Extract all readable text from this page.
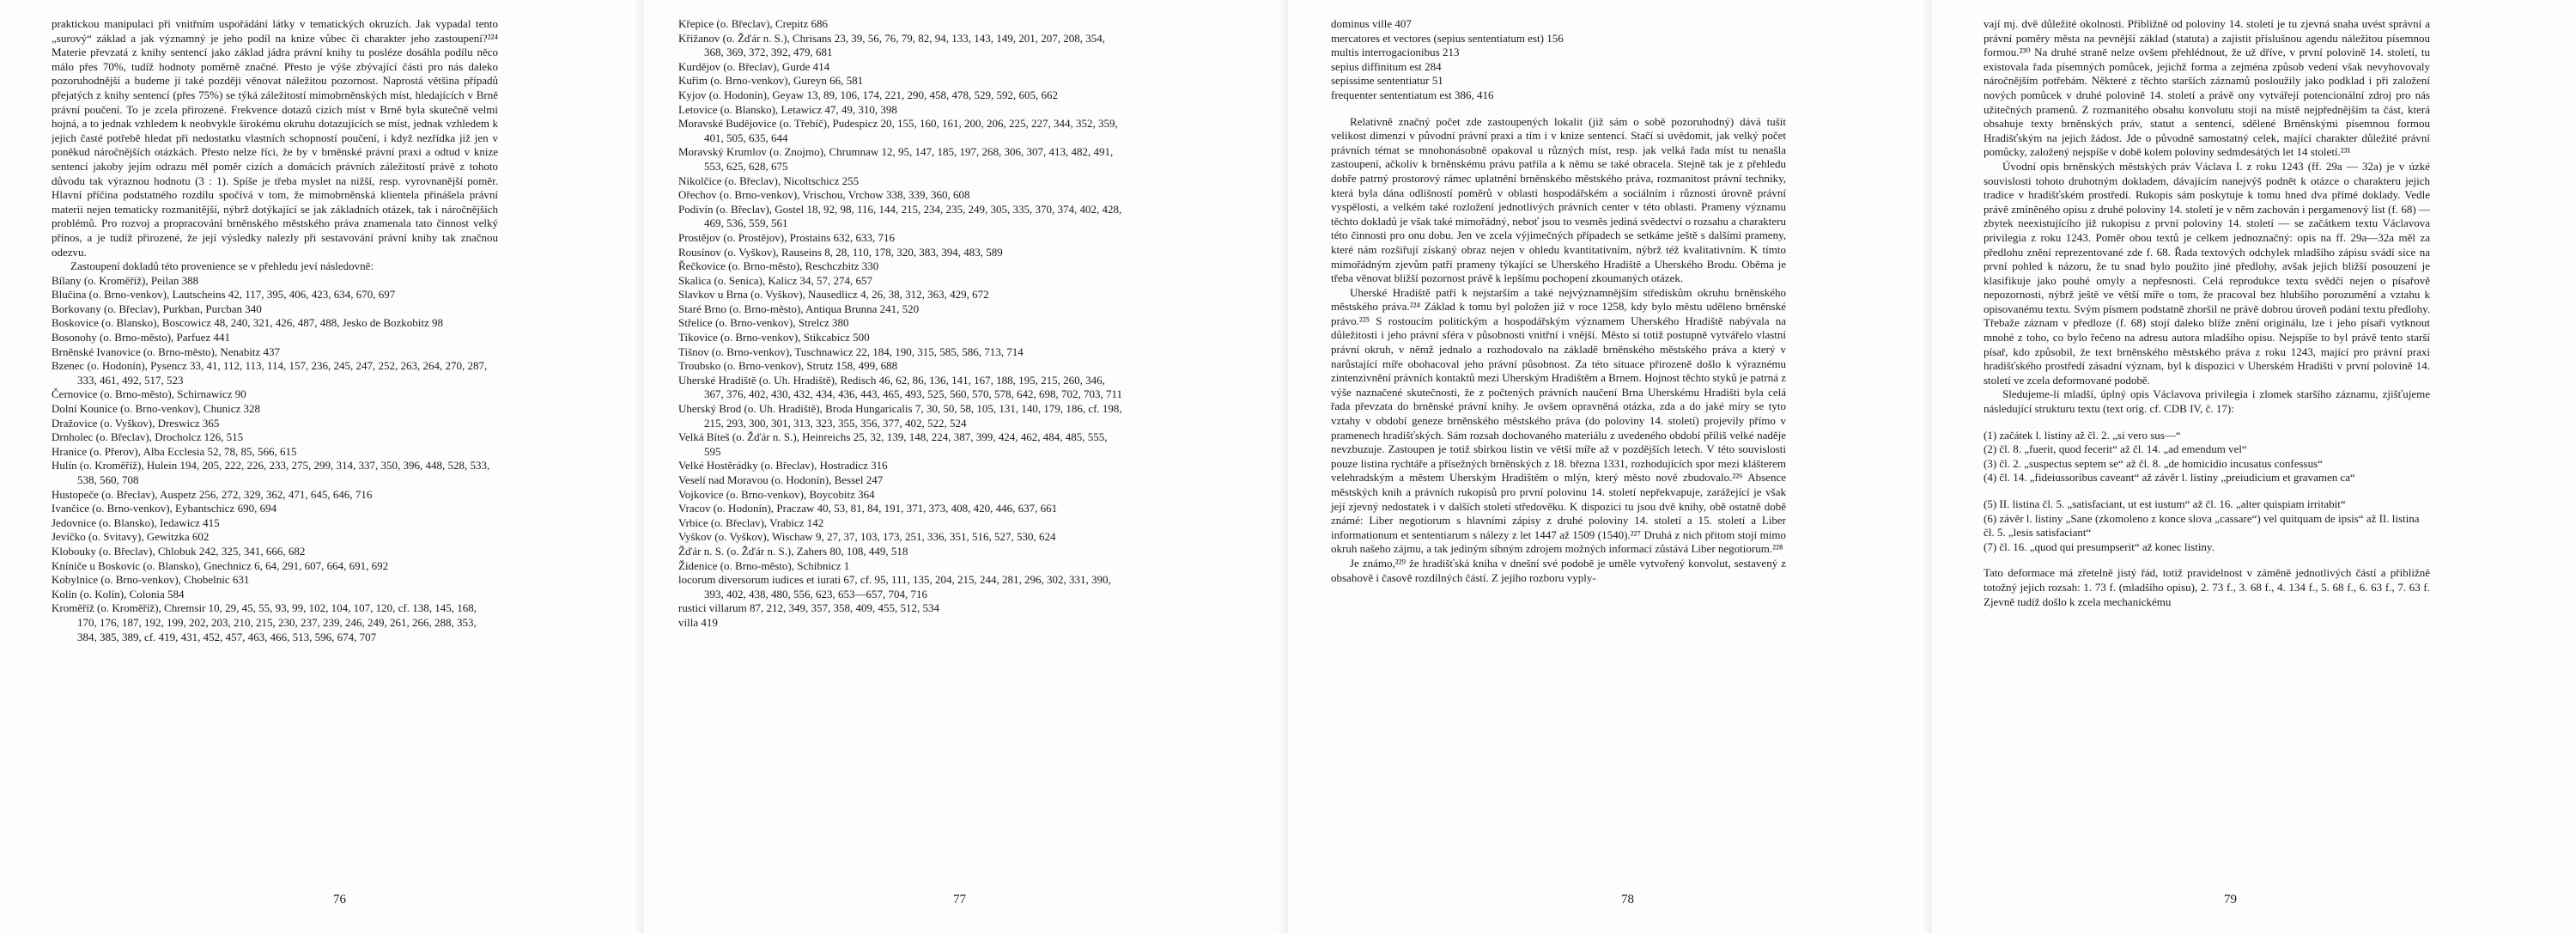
praktickou manipulaci při vnitřním uspořádání látky v tematických okruzích. Jak vypadal tento „surový“ základ a jak významný je jeho podíl na knize vůbec či charakter jeho zastoupení?²²⁴ Materie převzatá z knihy sentencí jako základ jádra právní knihy tu posléze dosáhla podílu něco málo přes 70%, tudíž hodnoty poměrně značné. Přesto je výše zbývající části pro nás daleko pozoruhodnější a budeme jí také později věnovat náležitou pozornost. Naprostá většina případů přejatých z knihy sentencí (přes 75%) se týká záležitostí mimobrněnských míst, hledajících v Brně právní poučení. To je zcela přirozené. Frekvence dotazů cizích míst v Brně byla skutečně velmi hojná, a to jednak vzhledem k neobvykle širokému okruhu dotazujících se míst, jednak vzhledem k jejich časté potřebě hledat při nedostatku vlastních schopností poučení, i když nezřídka již jen v poněkud náročnějších otázkách. Přesto nelze říci, že by v brněnské právní praxi a odtud v knize sentencí jakoby jejím odrazu měl poměr cizích a domácích právních záležitostí právě z tohoto důvodu tak výraznou hodnotu (3 : 1). Spíše je třeba myslet na nižší, resp. vyrovnanější poměr. Hlavní příčina podstatného rozdílu spočívá v tom, že mimobrněnská klientela přinášela právní materii nejen tematicky rozmanitější, nýbrž dotýkající se jak základních otázek, tak i náročnějších problémů. Pro rozvoj a propracování brněnského městského práva znamenala tato činnost velký přínos, a je tudíž přirozené, že její výsledky nalezly při sestavování právní knihy tak značnou odezvu.

Zastoupení dokladů této provenience se v přehledu jeví následovně:

Bílany (o. Kroměříž), Peilan 388

Blučina (o. Brno-venkov), Lautscheins 42, 117, 395, 406, 423, 634, 670, 697

Borkovany (o. Břeclav), Purkban, Purcban 340

Boskovice (o. Blansko), Boscowicz 48, 240, 321, 426, 487, 488, Jesko de Bozkobitz 98

Bosonohy (o. Brno-město), Parfuez 441

Brněnské Ivanovice (o. Brno-město), Nenabitz 437

Bzenec (o. Hodonín), Pysencz 33, 41, 112, 113, 114, 157, 236, 245, 247, 252, 263, 264, 270, 287, 333, 461, 492, 517, 523

Černovice (o. Brno-město), Schirnawicz 90

Dolní Kounice (o. Brno-venkov), Chunicz 328

Dražovice (o. Vyškov), Dreswicz 365

Drnholec (o. Břeclav), Drocholcz 126, 515

Hranice (o. Přerov), Alba Ecclesia 52, 78, 85, 566, 615

Hulín (o. Kroměříž), Hulein 194, 205, 222, 226, 233, 275, 299, 314, 337, 350, 396, 448, 528, 533, 538, 560, 708

Hustopeče (o. Břeclav), Auspetz 256, 272, 329, 362, 471, 645, 646, 716

Ivančice (o. Brno-venkov), Eybantschicz 690, 694

Jedovnice (o. Blansko), Iedawicz 415

Jevíčko (o. Svitavy), Gewitzka 602

Klobouky (o. Břeclav), Chlobuk 242, 325, 341, 666, 682

Kníniče u Boskovic (o. Blansko), Gnechnicz 6, 64, 291, 607, 664, 691, 692

Kobylnice (o. Brno-venkov), Chobelnic 631

Kolín (o. Kolín), Colonia 584

Kroměříž (o. Kroměříž), Chremsir 10, 29, 45, 55, 93, 99, 102, 104, 107, 120, cf. 138, 145, 168, 170, 176, 187, 192, 199, 202, 203, 210, 215, 230, 237, 239, 246, 249, 261, 266, 288, 353, 384, 385, 389, cf. 419, 431, 452, 457, 463, 466, 513, 596, 674, 707

76

Křepice (o. Břeclav), Crepitz 686

Křižanov (o. Žďár n. S.), Chrisans 23, 39, 56, 76, 79, 82, 94, 133, 143, 149, 201, 207, 208, 354, 368, 369, 372, 392, 479, 681

Kurdějov (o. Břeclav), Gurde 414

Kuřim (o. Brno-venkov), Gureyn 66, 581

Kyjov (o. Hodonín), Geyaw 13, 89, 106, 174, 221, 290, 458, 478, 529, 592, 605, 662

Letovice (o. Blansko), Letawicz 47, 49, 310, 398

Moravské Budějovice (o. Třebíč), Pudespicz 20, 155, 160, 161, 200, 206, 225, 227, 344, 352, 359, 401, 505, 635, 644

Moravský Krumlov (o. Znojmo), Chrumnaw 12, 95, 147, 185, 197, 268, 306, 307, 413, 482, 491, 553, 625, 628, 675

Nikolčice (o. Břeclav), Nicoltschicz 255

Ořechov (o. Brno-venkov), Vrischou, Vrchow 338, 339, 360, 608

Podivín (o. Břeclav), Gostel 18, 92, 98, 116, 144, 215, 234, 235, 249, 305, 335, 370, 374, 402, 428, 469, 536, 559, 561

Prostějov (o. Prostějov), Prostains 632, 633, 716

Rousínov (o. Vyškov), Rauseins 8, 28, 110, 178, 320, 383, 394, 483, 589

Řečkovice (o. Brno-město), Reschczbitz 330

Skalica (o. Senica), Kalicz 34, 57, 274, 657

Slavkov u Brna (o. Vyškov), Nausedlicz 4, 26, 38, 312, 363, 429, 672

Staré Brno (o. Brno-město), Antiqua Brunna 241, 520

Střelice (o. Brno-venkov), Strelcz 380

Tikovice (o. Brno-venkov), Stikcabicz 500

Tišnov (o. Brno-venkov), Tuschnawicz 22, 184, 190, 315, 585, 586, 713, 714

Troubsko (o. Brno-venkov), Strutz 158, 499, 688

Uherské Hradiště (o. Uh. Hradiště), Redisch 46, 62, 86, 136, 141, 167, 188, 195, 215, 260, 346, 367, 376, 402, 430, 432, 434, 436, 443, 465, 493, 525, 560, 570, 578, 642, 698, 702, 703, 711

Uherský Brod (o. Uh. Hradiště), Broda Hungaricalis 7, 30, 50, 58, 105, 131, 140, 179, 186, cf. 198, 215, 293, 300, 301, 313, 323, 355, 356, 377, 402, 522, 524

Velká Bíteš (o. Žďár n. S.), Heinreichs 25, 32, 139, 148, 224, 387, 399, 424, 462, 484, 485, 555, 595

Velké Hostěrádky (o. Břeclav), Hostradicz 316

Veselí nad Moravou (o. Hodonín), Bessel 247

Vojkovice (o. Brno-venkov), Boycobitz 364

Vracov (o. Hodonín), Praczaw 40, 53, 81, 84, 191, 371, 373, 408, 420, 446, 637, 661

Vrbice (o. Břeclav), Vrabicz 142

Vyškov (o. Vyškov), Wischaw 9, 27, 37, 103, 173, 251, 336, 351, 516, 527, 530, 624

Žďár n. S. (o. Žďár n. S.), Zahers 80, 108, 449, 518

Židenice (o. Brno-město), Schibnicz 1

locorum diversorum iudices et iurati 67, cf. 95, 111, 135, 204, 215, 244, 281, 296, 302, 331, 390, 393, 402, 438, 480, 556, 623, 653—657, 704, 716

rustici villarum 87, 212, 349, 357, 358, 409, 455, 512, 534

villa 419

77

dominus ville 407

mercatores et vectores (sepius sententiatum est) 156

multis interrogacionibus 213

sepius diffinitum est 284

sepissime sententiatur 51

frequenter sententiatum est 386, 416

Relativně značný počet zde zastoupených lokalit (již sám o sobě pozoruhodný) dává tušit velikost dimenzí v původní právní praxi a tím i v knize sentencí. Stačí si uvědomit, jak velký počet právních témat se mnohonásobně opakoval u různých míst, resp. jak velká řada míst tu nenašla zastoupení, ačkoliv k brněnskému právu patřila a k němu se také obracela. Stejně tak je z přehledu dobře patrný prostorový rámec uplatnění brněnského městského práva, rozmanitost právní techniky, která byla dána odlišností poměrů v oblasti hospodářském a sociálním i různosti úrovně právní vyspělosti, a velkém také rozložení jednotlivých právních center v této oblasti. Prameny významu těchto dokladů je však také mimořádný, neboť jsou to vesměs jediná svědectví o rozsahu a charakteru této činnosti pro onu dobu. Jen ve zcela výjimečných případech se setkáme ještě s dalšími prameny, které nám rozšiřují získaný obraz nejen v ohledu kvantitativním, nýbrž též kvalitativním. K tímto mimořádným zjevům patří prameny týkající se Uherského Hradiště a Uherského Brodu. Oběma je třeba věnovat bližší pozornost právě k lepšímu pochopení zkoumaných otázek.

Uherské Hradiště patří k nejstarším a také nejvýznamnějším střediskům okruhu brněnského městského práva.²²⁴ Základ k tomu byl položen již v roce 1258, kdy bylo městu uděleno brněnské právo.²²⁵ S rostoucím politickým a hospodářským významem Uherského Hradiště nabývala na důležitosti i jeho právní sféra v působnosti vnitřní i vnější. Město si totiž postupně vytvářelo vlastní právní okruh, v němž jednalo a rozhodovalo na základě brněnského městského práva a který v narůstající míře obohacoval jeho právní působnost. Za této situace přirozeně došlo k výraznému zintenzivnění právních kontaktů mezi Uherským Hradištěm a Brnem. Hojnost těchto styků je patrná z výše naznačené skutečnosti, že z počtených právních naučení Brna Uherskému Hradišti byla celá řada převzata do brněnské právní knihy. Je ovšem opravněná otázka, zda a do jaké míry se tyto vztahy v období geneze brněnského městského práva (do poloviny 14. století) projevily přímo v pramenech hradišťských. Sám rozsah dochovaného materiálu z uvedeného období příliš velké naděje nevzbuzuje. Zastoupen je totiž sbírkou listin ve větší míře až v pozdějších letech. V této souvislosti pouze listina rychtáře a přísežných brněnských z 18. března 1331, rozhodujících spor mezi klášterem velehradským a městem Uherským Hradištěm o mlýn, který město nově zbudovalo.²²⁶ Absence městských knih a právních rukopisů pro první polovinu 14. století nepřekvapuje, zarážející je však její zjevný nedostatek i v dalších století středověku. K dispozici tu jsou dvě knihy, obě ostatně době známé: Liber negotiorum s hlavními zápisy z druhé poloviny 14. století a 15. století a Liber informationum et sententiarum s nálezy z let 1447 až 1509 (1540).²²⁷ Druhá z nich přitom stojí mimo okruh našeho zájmu, a tak jediným síbným zdrojem možných informací zůstává Liber negotiorum.²²⁸

Je známo,²²⁹ že hradišťská kniha v dnešní své podobě je uměle vytvořený konvolut, sestavený z obsahově i časově rozdílných částí. Z jejího rozboru vyply-

78

vají mj. dvě důležité okolnosti. Přibližně od poloviny 14. století je tu zjevná snaha uvést správní a právní poměry města na pevnější základ (statuta) a zajistit příslušnou agendu náležitou písemnou formou.²³⁰ Na druhé straně nelze ovšem přehlédnout, že už dříve, v první polovině 14. století, tu existovala řada písemných pomůcek, jejichž forma a zejména způsob vedení však nevyhovovaly náročnějším potřebám. Některé z těchto starších záznamů posloužily jako podklad i při založení nových pomůcek v druhé polovině 14. století a právě ony vytvářejí potencionální zdroj pro nás užitečných pramenů. Z rozmanitého obsahu konvolutu stojí na místě nejpřednějším ta část, která obsahuje texty brněnských práv, statut a sentencí, sdělené Brněnskými písemnou formou Hradišťským na jejich žádost. Jde o původně samostatný celek, mající charakter důležité právní pomůcky, založený nejspíše v době kolem poloviny sedmdesátých let 14 století.²³¹

Úvodní opis brněnských městských práv Václava I. z roku 1243 (ff. 29a — 32a) je v úzké souvislosti tohoto druhotným dokladem, dávajícím nanejvýš podnět k otázce o charakteru jejich tradice v hradišťském prostředí. Rukopis sám poskytuje k tomu hned dva přímé doklady. Vedle právě zmíněného opisu z druhé poloviny 14. století je v něm zachován i pergamenový list (f. 68) — zbytek neexistujícího již rukopisu z první poloviny 14. století — se začátkem textu Václavova privilegia z roku 1243. Poměr obou textů je celkem jednoznačný: opis na ff. 29a—32a měl za předlohu znění reprezentované zde f. 68. Řada textových odchylek mladšího zápisu svádí sice na první pohled k názoru, že tu snad bylo použito jiné předlohy, avšak jejich bližší posouzení je klasifikuje jako pouhé omyly a nepřesnosti. Celá reprodukce textu svědčí nejen o písařově nepozornosti, nýbrž ještě ve větší míře o tom, že pracoval bez hlubšího porozumění a vztahu k opisovanému textu. Svým písmem podstatně zhoršil ne právě dobrou úroveň podání textu předlohy. Třebaže záznam v předloze (f. 68) stojí daleko blíže znění originálu, lze i jeho písaři vytknout mnohé z toho, co bylo řečeno na adresu autora mladšího opisu. Nejspíše to byl právě tento starší písař, kdo způsobil, že text brněnského městského práva z roku 1243, mající pro právní praxi hradišťského prostředí zásadní význam, byl k dispozici v Uherském Hradišti v první polovině 14. století ve zcela deformované podobě.

Sledujeme-li mladší, úplný opis Václavova privilegia i zlomek staršího záznamu, zjišťujeme následující strukturu textu (text orig. cf. CDB IV, č. 17):

(1) začátek l. listiny až čl. 2. „si vero sus—“

(2) čl. 8. „fuerit, quod fecerit“ až čl. 14. „ad emendum vel“

(3) čl. 2. „suspectus septem se“ až čl. 8. „de homicidio incusatus confessus“

(4) čl. 14. „fideiussoribus caveant“ až závěr l. listiny „preiudicium et gravamen ca“

(5) II. listina čl. 5. „satisfaciant, ut est iustum“ až čl. 16. „alter quispiam irritabit“

(6) závěr l. listiny „Sane (zkomoleno z konce slova „cassare“) vel quitquam de ipsis“ až II. listina čl. 5. „lesis satisfaciant“

(7) čl. 16. „quod qui presumpserit“ až konec listiny.

Tato deformace má zřetelně jistý řád, totiž pravidelnost v záměně jednotlivých částí a přibližně totožný jejich rozsah: 1. 73 f. (mladšího opisu), 2. 73 f., 3. 68 f., 4. 134 f., 5. 68 f., 6. 63 f., 7. 63 f. Zjevně tudíž došlo k zcela mechanickému

79
